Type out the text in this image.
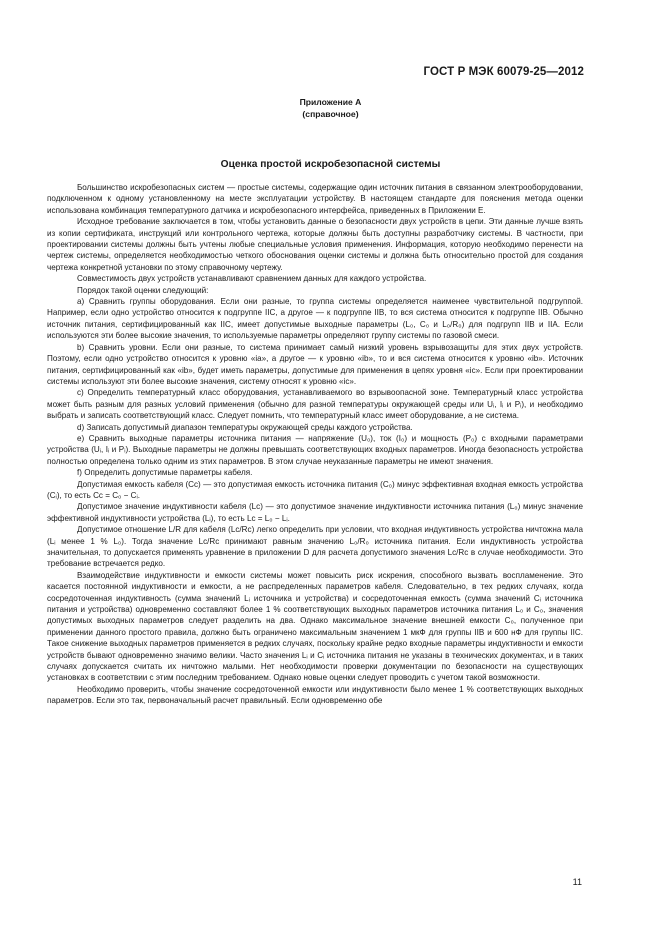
ГОСТ Р МЭК 60079-25—2012
Приложение А
(справочное)
Оценка простой искробезопасной системы

Большинство искробезопасных систем — простые системы, содержащие один источник питания в связанном электрооборудовании, подключенном к одному установленному на месте эксплуатации устройству. В настоящем стандарте для пояснения метода оценки использована комбинация температурного датчика и искробезопасного интерфейса, приведенных в Приложении Е.

Исходное требование заключается в том, чтобы установить данные о безопасности двух устройств в цепи. Эти данные лучше взять из копии сертификата, инструкций или контрольного чертежа, которые должны быть доступны разработчику системы. В частности, при проектировании системы должны быть учтены любые специальные условия применения. Информация, которую необходимо перенести на чертеж системы, определяется необходимостью четкого обоснования оценки системы и должна быть относительно простой для создания чертежа конкретной установки по этому справочному чертежу.

Совместимость двух устройств устанавливают сравнением данных для каждого устройства.

Порядок такой оценки следующий:

а) Сравнить группы оборудования. Если они разные, то группа системы определяется наименее чувствительной подгруппой. Например, если одно устройство относится к подгруппе IIC, а другое — к подгруппе IIB, то вся система относится к подгруппе IIB. Обычно источник питания, сертифицированный как IIC, имеет допустимые выходные параметры (L₀, C₀ и L₀/R₀) для подгрупп IIB и IIA. Если используются эти более высокие значения, то используемые параметры определяют группу системы по газовой смеси.

b) Сравнить уровни. Если они разные, то система принимает самый низкий уровень взрывозащиты для этих двух устройств. Поэтому, если одно устройство относится к уровню «ia», а другое — к уровню «ib», то и вся система относится к уровню «ib». Источник питания, сертифицированный как «ib», будет иметь параметры, допустимые для применения в цепях уровня «ic». Если при проектировании системы используют эти более высокие значения, систему относят к уровню «ic».

c) Определить температурный класс оборудования, устанавливаемого во взрывоопасной зоне. Температурный класс устройства может быть разным для разных условий применения (обычно для разной температуры окружающей среды или Uᵢ, Iᵢ и Pᵢ), и необходимо выбрать и записать соответствующий класс. Следует помнить, что температурный класс имеет оборудование, а не система.

d) Записать допустимый диапазон температуры окружающей среды каждого устройства.

e) Сравнить выходные параметры источника питания — напряжение (U₀), ток (I₀) и мощность (P₀) с входными параметрами устройства (Uᵢ, Iᵢ и Pᵢ). Выходные параметры не должны превышать соответствующих входных параметров. Иногда безопасность устройства полностью определена только одним из этих параметров. В этом случае неуказанные параметры не имеют значения.

f) Определить допустимые параметры кабеля.

Допустимая емкость кабеля (Cc) — это допустимая емкость источника питания (C₀) минус эффективная входная емкость устройства (Cᵢ), то есть Cc = C₀ − Cᵢ.

Допустимое значение индуктивности кабеля (Lc) — это допустимое значение индуктивности источника питания (L₀) минус значение эффективной индуктивности устройства (Lᵢ), то есть Lc = L₀ − Lᵢ.

Допустимое отношение L/R для кабеля (Lc/Rc) легко определить при условии, что входная индуктивность устройства ничтожна мала (Lᵢ менее 1 % L₀). Тогда значение Lc/Rc принимают равным значению L₀/R₀ источника питания. Если индуктивность устройства значительная, то допускается применять уравнение в приложении D для расчета допустимого значения Lc/Rc в случае необходимости. Это требование встречается редко.

Взаимодействие индуктивности и емкости системы может повысить риск искрения, способного вызвать воспламенение. Это касается постоянной индуктивности и емкости, а не распределенных параметров кабеля. Следовательно, в тех редких случаях, когда сосредоточенная индуктивность (сумма значений Lᵢ источника и устройства) и сосредоточенная емкость (сумма значений Cᵢ источника питания и устройства) одновременно составляют более 1 % соответствующих выходных параметров источника питания L₀ и C₀, значения допустимых выходных параметров следует разделить на два. Однако максимальное значение внешней емкости C₀, полученное при применении данного простого правила, должно быть ограничено максимальным значением 1 мкФ для группы IIB и 600 нФ для группы IIC. Такое снижение выходных параметров применяется в редких случаях, поскольку крайне редко входные параметры индуктивности и емкости устройств бывают одновременно значимо велики. Часто значения Lᵢ и Cᵢ источника питания не указаны в технических документах, и в таких случаях допускается считать их ничтожно малыми. Нет необходимости проверки документации по безопасности на существующих установках в соответствии с этим последним требованием. Однако новые оценки следует проводить с учетом такой возможности.

Необходимо проверить, чтобы значение сосредоточенной емкости или индуктивности было менее 1 % соответствующих выходных параметров. Если это так, первоначальный расчет правильный. Если одновременно обе

11
